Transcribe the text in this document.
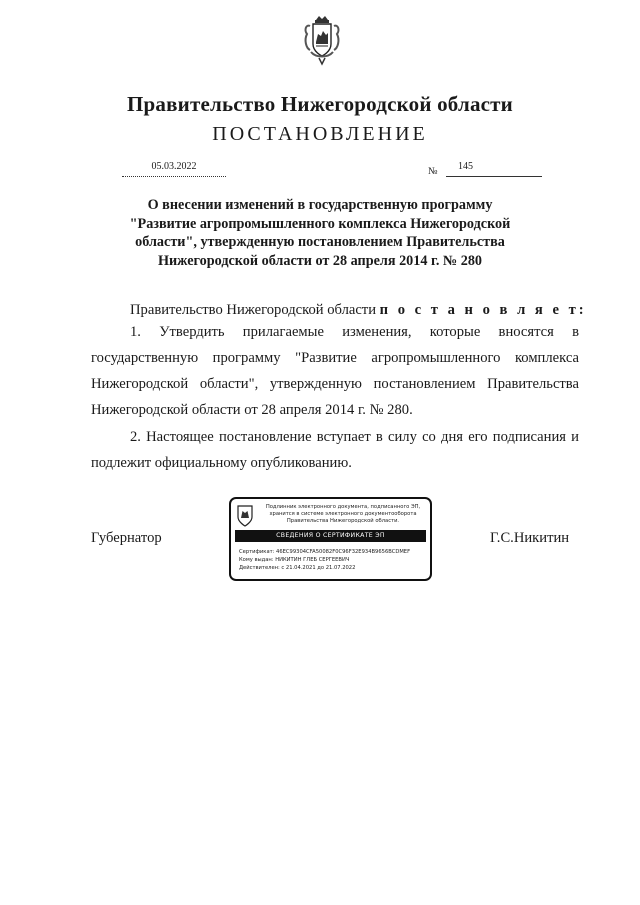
Правительство Нижегородской области
ПОСТАНОВЛЕНИЕ
05.03.2022	№	145
О внесении изменений в государственную программу
"Развитие агропромышленного комплекса Нижегородской
области", утвержденную постановлением Правительства
Нижегородской области от 28 апреля 2014 г. № 280
Правительство Нижегородской области п о с т а н о в л я е т:
1. Утвердить прилагаемые изменения, которые вносятся в государственную программу "Развитие агропромышленного комплекса Нижегородской области", утвержденную постановлением Правительства Нижегородской области от 28 апреля 2014 г. № 280.
2. Настоящее постановление вступает в силу со дня его подписания и подлежит официальному опубликованию.
Губернатор	Г.С.Никитин
Подлинник электронного документа, подписанного ЭП,
хранится в системе электронного документооборота
Правительства Нижегородской области.
СВЕДЕНИЯ О СЕРТИФИКАТЕ ЭП
Сертификат: 46EC99304CFA50082F0C96F32E934B9656BCDMEF
Кому выдан: НИКИТИН ГЛЕБ СЕРГЕЕВИЧ
Действителен: с 21.04.2021 до 21.07.2022
